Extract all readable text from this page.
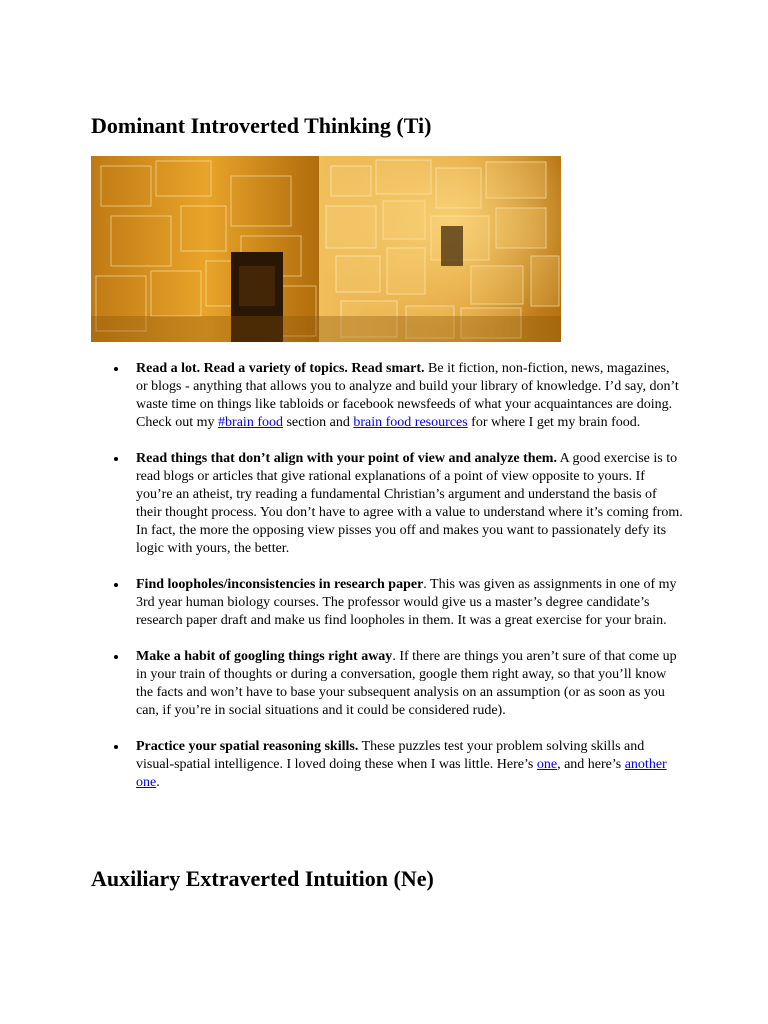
Dominant Introverted Thinking (Ti)
Read a lot. Read a variety of topics. Read smart. Be it fiction, non-fiction, news, magazines, or blogs - anything that allows you to analyze and build your library of knowledge. I’d say, don’t waste time on things like tabloids or facebook newsfeeds of what your acquaintances are doing. Check out my #brain food section and brain food resources for where I get my brain food.
Read things that don’t align with your point of view and analyze them. A good exercise is to read blogs or articles that give rational explanations of a point of view opposite to yours. If you’re an atheist, try reading a fundamental Christian’s argument and understand the basis of their thought process. You don’t have to agree with a value to understand where it’s coming from. In fact, the more the opposing view pisses you off and makes you want to passionately defy its logic with yours, the better.
Find loopholes/inconsistencies in research paper. This was given as assignments in one of my 3rd year human biology courses. The professor would give us a master’s degree candidate’s research paper draft and make us find loopholes in them. It was a great exercise for your brain.
Make a habit of googling things right away. If there are things you aren’t sure of that come up in your train of thoughts or during a conversation, google them right away, so that you’ll know the facts and won’t have to base your subsequent analysis on an assumption (or as soon as you can, if you’re in social situations and it could be considered rude).
Practice your spatial reasoning skills. These puzzles test your problem solving skills and visual-spatial intelligence. I loved doing these when I was little. Here’s one, and here’s another one.
Auxiliary Extraverted Intuition (Ne)
